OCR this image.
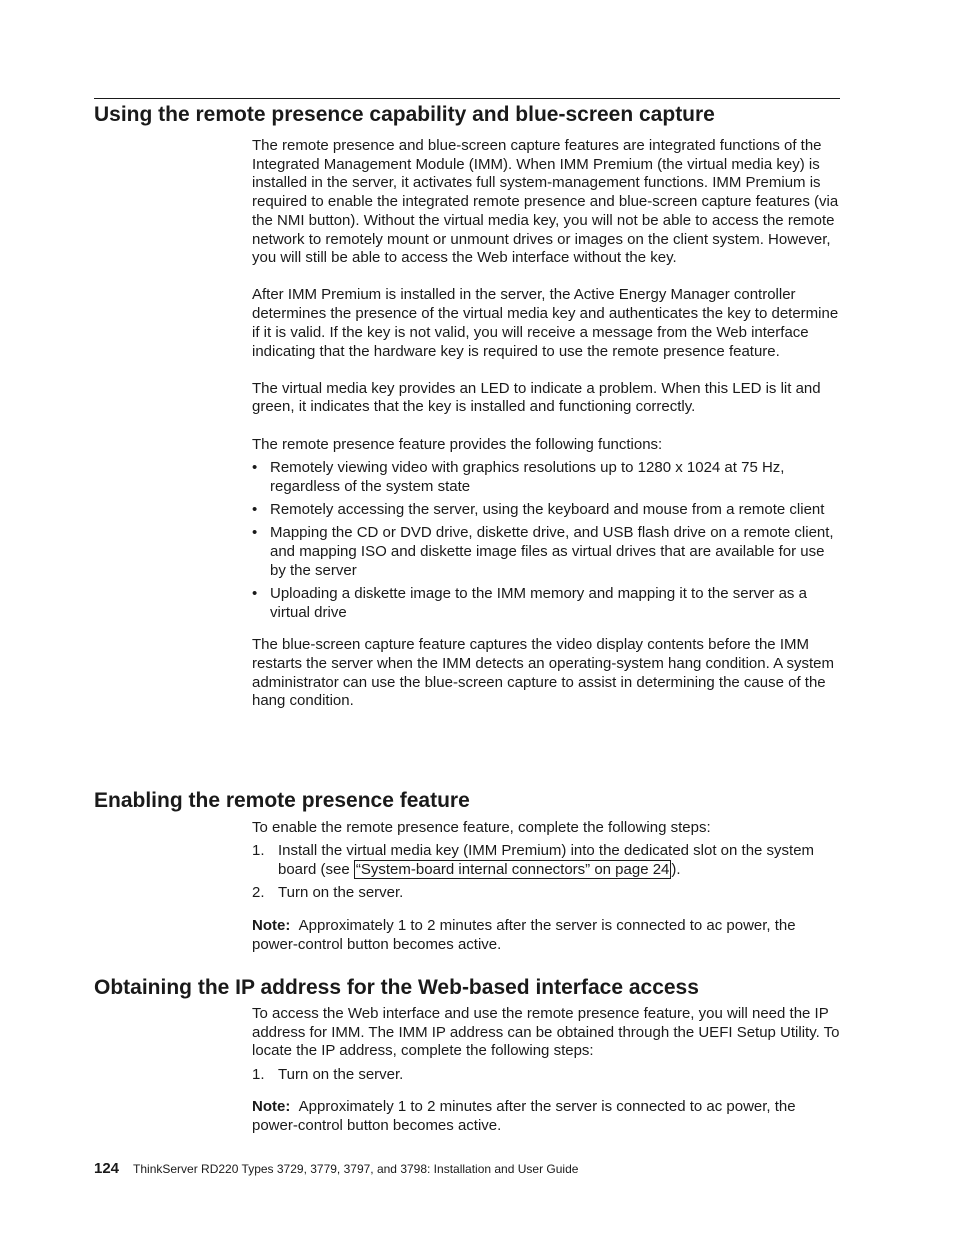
Using the remote presence capability and blue-screen capture

The remote presence and blue-screen capture features are integrated functions of the Integrated Management Module (IMM). When IMM Premium (the virtual media key) is installed in the server, it activates full system-management functions. IMM Premium is required to enable the integrated remote presence and blue-screen capture features (via the NMI button). Without the virtual media key, you will not be able to access the remote network to remotely mount or unmount drives or images on the client system. However, you will still be able to access the Web interface without the key.

After IMM Premium is installed in the server, the Active Energy Manager controller determines the presence of the virtual media key and authenticates the key to determine if it is valid. If the key is not valid, you will receive a message from the Web interface indicating that the hardware key is required to use the remote presence feature.

The virtual media key provides an LED to indicate a problem. When this LED is lit and green, it indicates that the key is installed and functioning correctly.

The remote presence feature provides the following functions:

• Remotely viewing video with graphics resolutions up to 1280 x 1024 at 75 Hz, regardless of the system state
• Remotely accessing the server, using the keyboard and mouse from a remote client
• Mapping the CD or DVD drive, diskette drive, and USB flash drive on a remote client, and mapping ISO and diskette image files as virtual drives that are available for use by the server
• Uploading a diskette image to the IMM memory and mapping it to the server as a virtual drive

The blue-screen capture feature captures the video display contents before the IMM restarts the server when the IMM detects an operating-system hang condition. A system administrator can use the blue-screen capture to assist in determining the cause of the hang condition.

Enabling the remote presence feature

To enable the remote presence feature, complete the following steps:

1. Install the virtual media key (IMM Premium) into the dedicated slot on the system board (see “System-board internal connectors” on page 24 ).
2. Turn on the server.

Note: Approximately 1 to 2 minutes after the server is connected to ac power, the power-control button becomes active.

Obtaining the IP address for the Web-based interface access

To access the Web interface and use the remote presence feature, you will need the IP address for IMM. The IMM IP address can be obtained through the UEFI Setup Utility. To locate the IP address, complete the following steps:

1. Turn on the server.

Note: Approximately 1 to 2 minutes after the server is connected to ac power, the power-control button becomes active.

124 ThinkServer RD220 Types 3729, 3779, 3797, and 3798: Installation and User Guide
